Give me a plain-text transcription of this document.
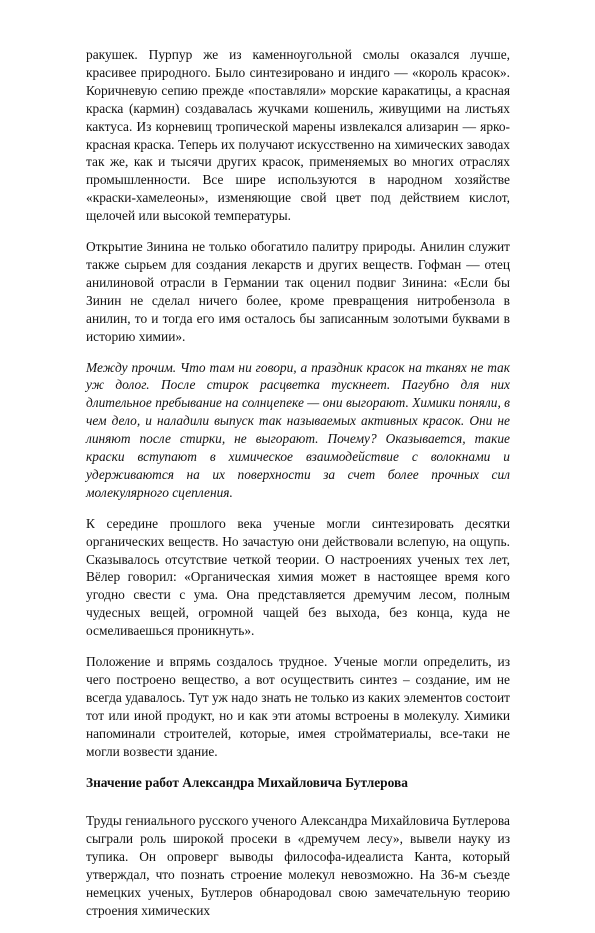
ракушек. Пурпур же из каменноугольной смолы оказался лучше, красивее природного. Было синтезировано и индиго — «король красок». Коричневую сепию прежде «поставляли» морские каракатицы, а красная краска (кармин) создавалась жучками кошениль, живущими на листьях кактуса. Из корневищ тропической марены извлекался ализарин — ярко-красная краска. Теперь их получают искусственно на химических заводах так же, как и тысячи других красок, применяемых во многих отраслях промышленности. Все шире используются в народном хозяйстве «краски-хамелеоны», изменяющие свой цвет под действием кислот, щелочей или высокой температуры.

Открытие Зинина не только обогатило палитру природы. Анилин служит также сырьем для создания лекарств и других веществ. Гофман — отец анилиновой отрасли в Германии так оценил подвиг Зинина: «Если бы Зинин не сделал ничего более, кроме превращения нитробензола в анилин, то и тогда его имя осталось бы записанным золотыми буквами в историю химии».

Между прочим. Что там ни говори, а праздник красок на тканях не так уж долог. После стирок расцветка тускнеет. Пагубно для них длительное пребывание на солнцепеке — они выгорают. Химики поняли, в чем дело, и наладили выпуск так называемых активных красок. Они не линяют после стирки, не выгорают. Почему? Оказывается, такие краски вступают в химическое взаимодействие с волокнами и удерживаются на их поверхности за счет более прочных сил молекулярного сцепления.

К середине прошлого века ученые могли синтезировать десятки органических веществ. Но зачастую они действовали вслепую, на ощупь. Сказывалось отсутствие четкой теории. О настроениях ученых тех лет, Вёлер говорил: «Органическая химия может в настоящее время кого угодно свести с ума. Она представляется дремучим лесом, полным чудесных вещей, огромной чащей без выхода, без конца, куда не осмеливаешься проникнуть».

Положение и впрямь создалось трудное. Ученые могли определить, из чего построено вещество, а вот осуществить синтез – создание, им не всегда удавалось. Тут уж надо знать не только из каких элементов состоит тот или иной продукт, но и как эти атомы встроены в молекулу. Химики напоминали строителей, которые, имея стройматериалы, все-таки не могли возвести здание.

Значение работ Александра Михайловича Бутлерова

Труды гениального русского ученого Александра Михайловича Бутлерова сыграли роль широкой просеки в «дремучем лесу», вывели науку из тупика. Он опроверг выводы философа-идеалиста Канта, который утверждал, что познать строение молекул невозможно. На 36-м съезде немецких ученых, Бутлеров обнародовал свою замечательную теорию строения химических
